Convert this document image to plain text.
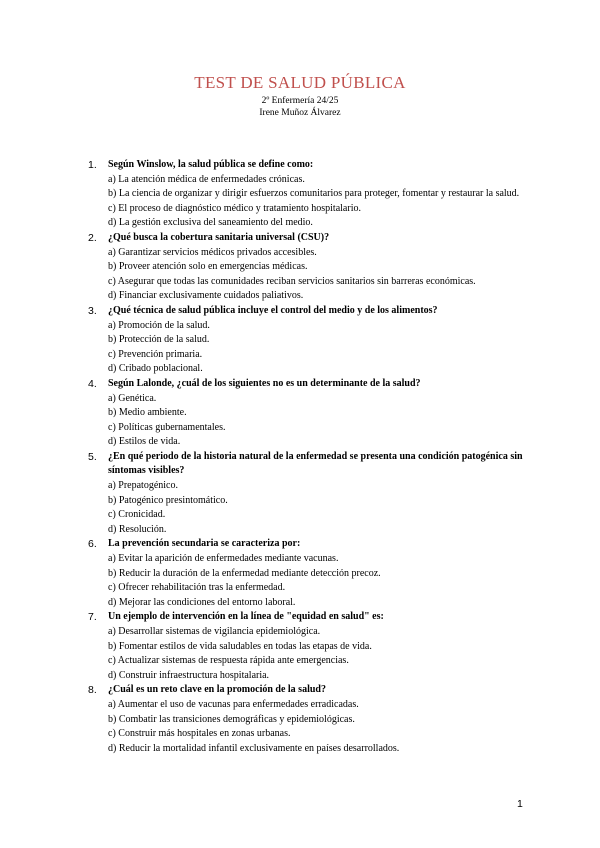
TEST DE SALUD PÚBLICA
2º Enfermería 24/25
Irene Muñoz Álvarez
1. Según Winslow, la salud pública se define como:
a) La atención médica de enfermedades crónicas.
b) La ciencia de organizar y dirigir esfuerzos comunitarios para proteger, fomentar y restaurar la salud.
c) El proceso de diagnóstico médico y tratamiento hospitalario.
d) La gestión exclusiva del saneamiento del medio.
2. ¿Qué busca la cobertura sanitaria universal (CSU)?
a) Garantizar servicios médicos privados accesibles.
b) Proveer atención solo en emergencias médicas.
c) Asegurar que todas las comunidades reciban servicios sanitarios sin barreras económicas.
d) Financiar exclusivamente cuidados paliativos.
3. ¿Qué técnica de salud pública incluye el control del medio y de los alimentos?
a) Promoción de la salud.
b) Protección de la salud.
c) Prevención primaria.
d) Cribado poblacional.
4. Según Lalonde, ¿cuál de los siguientes no es un determinante de la salud?
a) Genética.
b) Medio ambiente.
c) Políticas gubernamentales.
d) Estilos de vida.
5. ¿En qué periodo de la historia natural de la enfermedad se presenta una condición patogénica sin síntomas visibles?
a) Prepatogénico.
b) Patogénico presintomático.
c) Cronicidad.
d) Resolución.
6. La prevención secundaria se caracteriza por:
a) Evitar la aparición de enfermedades mediante vacunas.
b) Reducir la duración de la enfermedad mediante detección precoz.
c) Ofrecer rehabilitación tras la enfermedad.
d) Mejorar las condiciones del entorno laboral.
7. Un ejemplo de intervención en la línea de "equidad en salud" es:
a) Desarrollar sistemas de vigilancia epidemiológica.
b) Fomentar estilos de vida saludables en todas las etapas de vida.
c) Actualizar sistemas de respuesta rápida ante emergencias.
d) Construir infraestructura hospitalaria.
8. ¿Cuál es un reto clave en la promoción de la salud?
a) Aumentar el uso de vacunas para enfermedades erradicadas.
b) Combatir las transiciones demográficas y epidemiológicas.
c) Construir más hospitales en zonas urbanas.
d) Reducir la mortalidad infantil exclusivamente en países desarrollados.
1
